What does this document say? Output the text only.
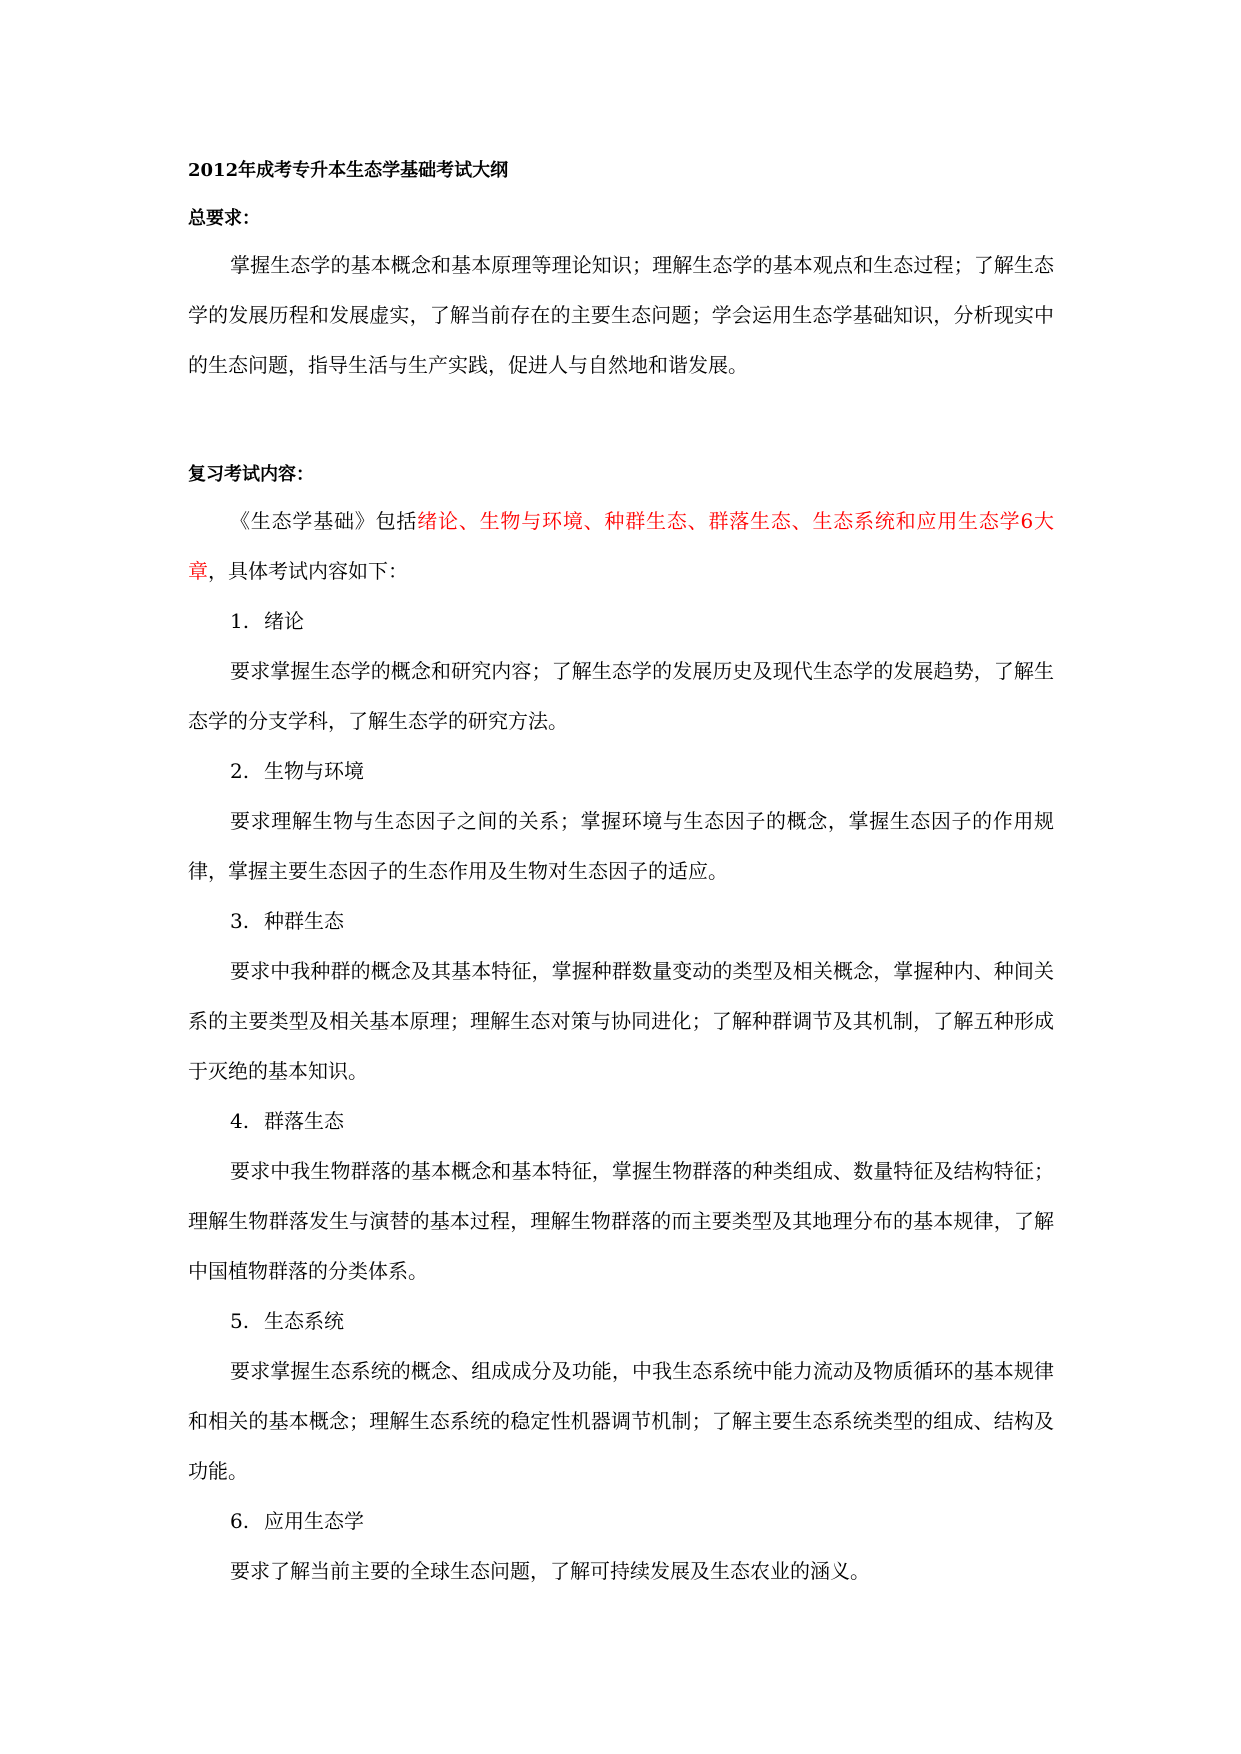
2012年成考专升本生态学基础考试大纲
总要求：

掌握生态学的基本概念和基本原理等理论知识；理解生态学的基本观点和生态过程；了解生态学的发展历程和发展虚实，了解当前存在的主要生态问题；学会运用生态学基础知识，分析现实中的生态问题，指导生活与生产实践，促进人与自然地和谐发展。

复习考试内容：

《生态学基础》包括绪论、生物与环境、种群生态、群落生态、生态系统和应用生态学6大章，具体考试内容如下：

1. 绪论

要求掌握生态学的概念和研究内容；了解生态学的发展历史及现代生态学的发展趋势，了解生态学的分支学科，了解生态学的研究方法。

2. 生物与环境

要求理解生物与生态因子之间的关系；掌握环境与生态因子的概念，掌握生态因子的作用规律，掌握主要生态因子的生态作用及生物对生态因子的适应。

3. 种群生态

要求中我种群的概念及其基本特征，掌握种群数量变动的类型及相关概念，掌握种内、种间关系的主要类型及相关基本原理；理解生态对策与协同进化；了解种群调节及其机制，了解五种形成于灭绝的基本知识。

4. 群落生态

要求中我生物群落的基本概念和基本特征，掌握生物群落的种类组成、数量特征及结构特征；理解生物群落发生与演替的基本过程，理解生物群落的而主要类型及其地理分布的基本规律，了解中国植物群落的分类体系。

5. 生态系统

要求掌握生态系统的概念、组成成分及功能，中我生态系统中能力流动及物质循环的基本规律和相关的基本概念；理解生态系统的稳定性机器调节机制；了解主要生态系统类型的组成、结构及功能。

6. 应用生态学

要求了解当前主要的全球生态问题，了解可持续发展及生态农业的涵义。
